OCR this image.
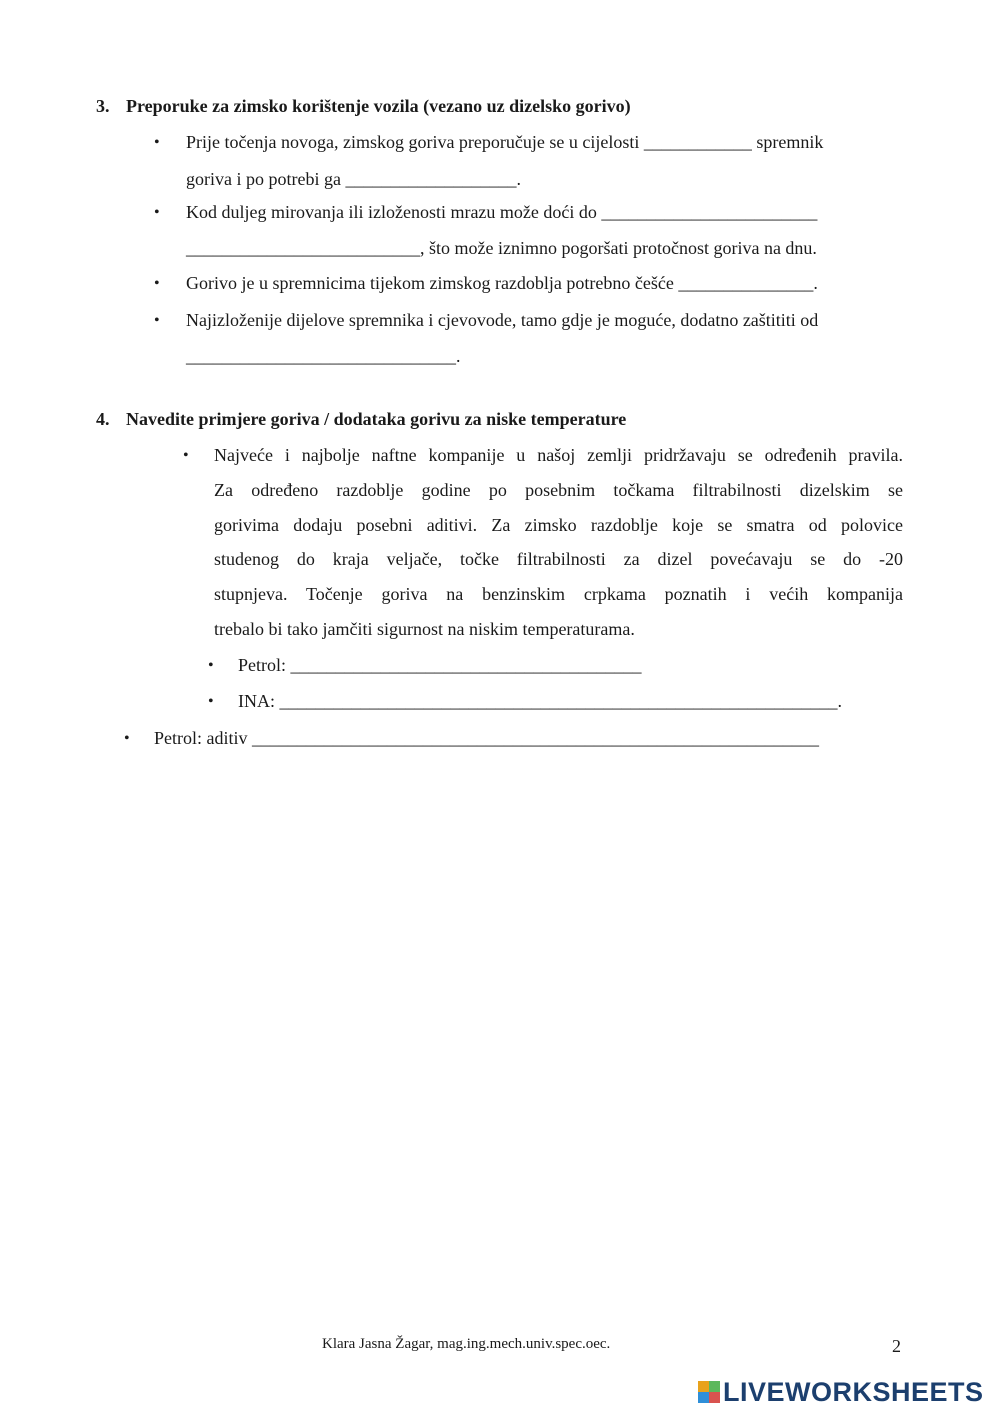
3. Preporuke za zimsko korištenje vozila (vezano uz dizelsko gorivo)
• Prije točenja novoga, zimskog goriva preporučuje se u cijelosti ____________ spremnik
goriva i po potrebi ga ___________________.
• Kod duljeg mirovanja ili izloženosti mrazu može doći do ________________________
__________________________, što može iznimno pogoršati protočnost goriva na dnu.
• Gorivo je u spremnicima tijekom zimskog razdoblja potrebno češće _______________.
• Najizloženije dijelove spremnika i cjevovode, tamo gdje je moguće, dodatno zaštititi od
______________________________.
4. Navedite primjere goriva / dodataka gorivu za niske temperature
• Najveće i najbolje naftne kompanije u našoj zemlji pridržavaju se određenih pravila.
Za određeno razdoblje godine po posebnim točkama filtrabilnosti dizelskim se
gorivima dodaju posebni aditivi. Za zimsko razdoblje koje se smatra od polovice
studenog do kraja veljače, točke filtrabilnosti za dizel povećavaju se do -20
stupnjeva. Točenje goriva na benzinskim crpkama poznatih i većih kompanija
trebalo bi tako jamčiti sigurnost na niskim temperaturama.
• Petrol: _______________________________________
• INA: ______________________________________________________________.
• Petrol: aditiv _______________________________________________________________
Klara Jasna Žagar, mag.ing.mech.univ.spec.oec.	2
LIVEWORKSHEETS
